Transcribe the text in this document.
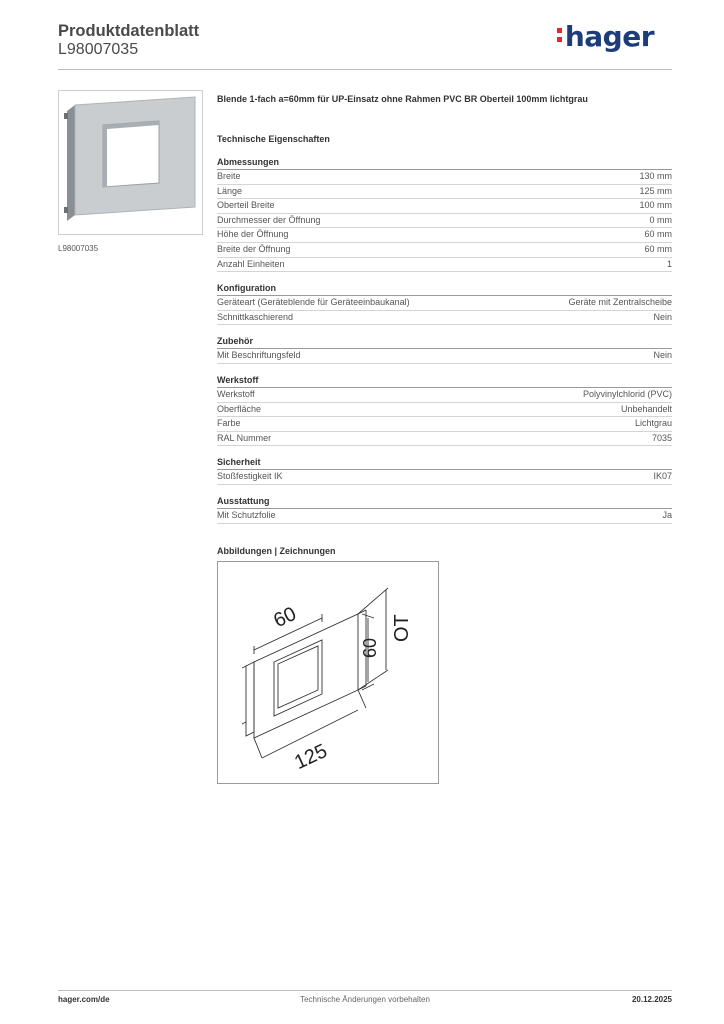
Produktdatenblatt
L98007035	hager
L98007035
Blende 1-fach a=60mm für UP-Einsatz ohne Rahmen PVC BR Oberteil 100mm lichtgrau
Technische Eigenschaften
Abmessungen
Breite	130 mm
Länge	125 mm
Oberteil Breite	100 mm
Durchmesser der Öffnung	0 mm
Höhe der Öffnung	60 mm
Breite der Öffnung	60 mm
Anzahl Einheiten	1
Konfiguration
Geräteart (Geräteblende für Geräteeinbaukanal)	Geräte mit Zentralscheibe
Schnittkaschierend	Nein
Zubehör
Mit Beschriftungsfeld	Nein
Werkstoff
Werkstoff	Polyvinylchlorid (PVC)
Oberfläche	Unbehandelt
Farbe	Lichtgrau
RAL Nummer	7035
Sicherheit
Stoßfestigkeit IK	IK07
Ausstattung
Mit Schutzfolie	Ja
Abbildungen | Zeichnungen
60
60
OT
125
hager.com/de	Technische Änderungen vorbehalten	20.12.2025
